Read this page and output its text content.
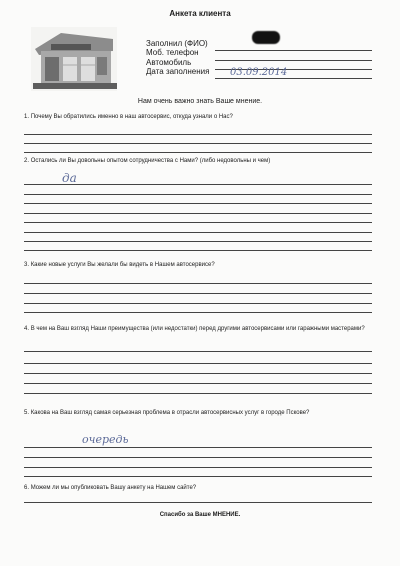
Анкета клиента
Заполнил (ФИО)
Моб. телефон
Автомобиль
Дата заполнения 03.09.2014
Нам очень важно знать Ваше мнение.
1. Почему Вы обратились именно в наш автосервис, откуда узнали о Нас?
2. Остались ли Вы довольны опытом сотрудничества с Нами? (либо недовольны и чем)
да
3. Какие новые услуги Вы желали бы видеть в Нашем автосервисе?
4. В чем на Ваш взгляд Наши преимущества (или недостатки) перед другими автосервисами или гаражными мастерами?
5. Какова на Ваш взгляд самая серьезная проблема в отрасли автосервисных услуг в городе Пскове?
очередь
6. Можем ли мы опубликовать Вашу анкету на Нашем сайте?
Спасибо за Ваше МНЕНИЕ.
